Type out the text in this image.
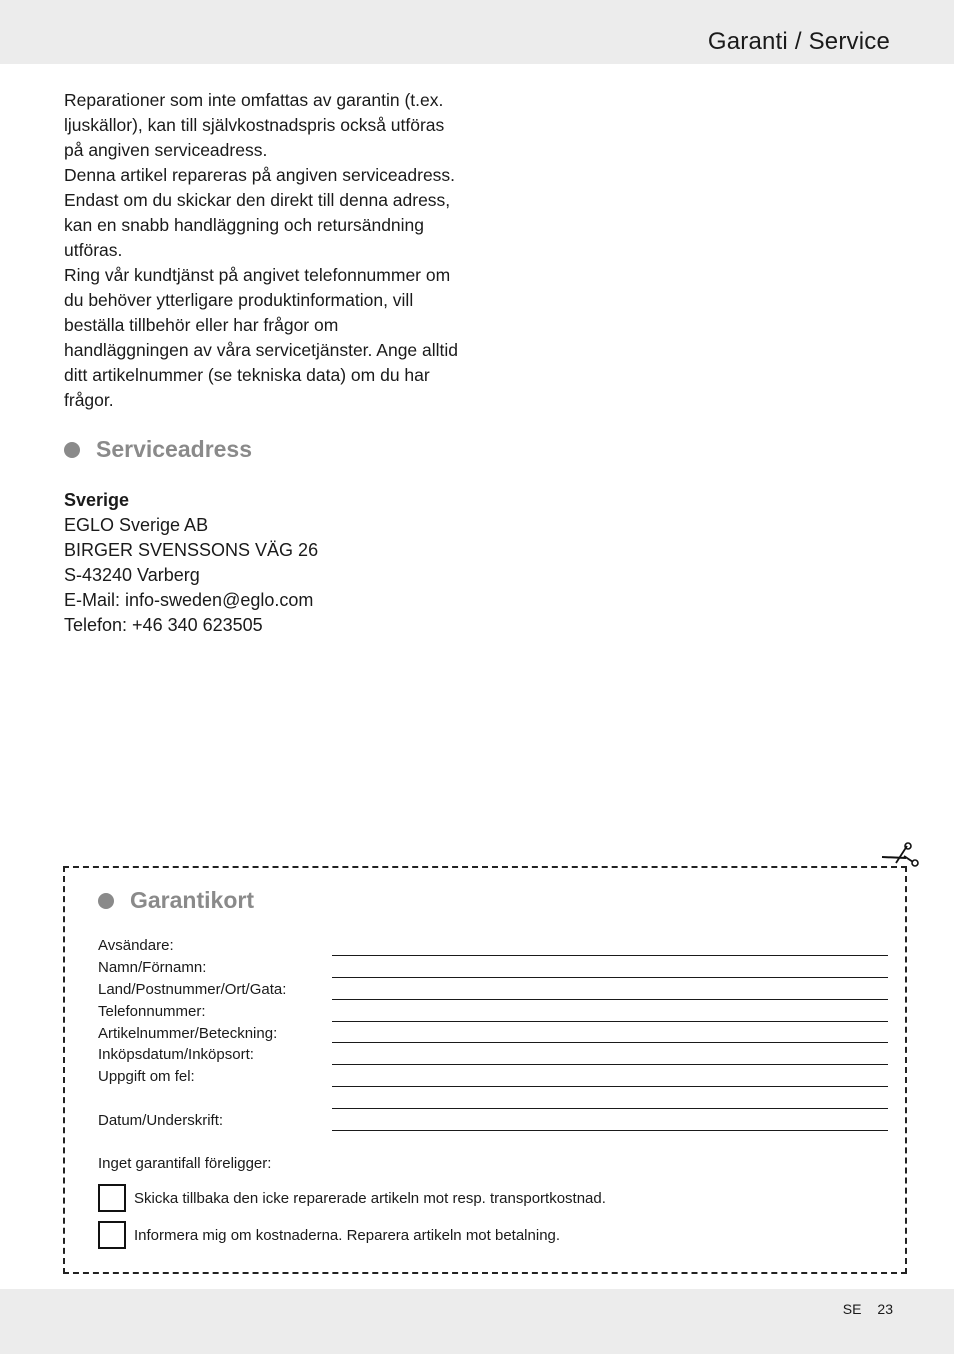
Garanti / Service

Reparationer som inte omfattas av garantin (t.ex. ljuskällor), kan till självkostnadspris också utföras på angiven serviceadress.

Denna artikel repareras på angiven serviceadress. Endast om du skickar den direkt till denna adress, kan en snabb handläggning och retursändning utföras.

Ring vår kundtjänst på angivet telefonnummer om du behöver ytterligare produktinformation, vill beställa tillbehör eller har frågor om handläggningen av våra servicetjänster. Ange alltid ditt artikelnummer (se tekniska data) om du har frågor.

Serviceadress
Sverige
EGLO Sverige AB
BIRGER SVENSSONS VÄG 26
S-43240 Varberg
E-Mail: info-sweden@eglo.com
Telefon: +46 340 623505
Garantikort
Avsändare:
Namn/Förnamn:
Land/Postnummer/Ort/Gata:
Telefonnummer:
Artikelnummer/Beteckning:
Inköpsdatum/Inköpsort:
Uppgift om fel:
Datum/Underskrift:
Inget garantifall föreligger:
Skicka tillbaka den icke reparerade artikeln mot resp. transportkostnad.
Informera mig om kostnaderna. Reparera artikeln mot betalning.
SE 23
